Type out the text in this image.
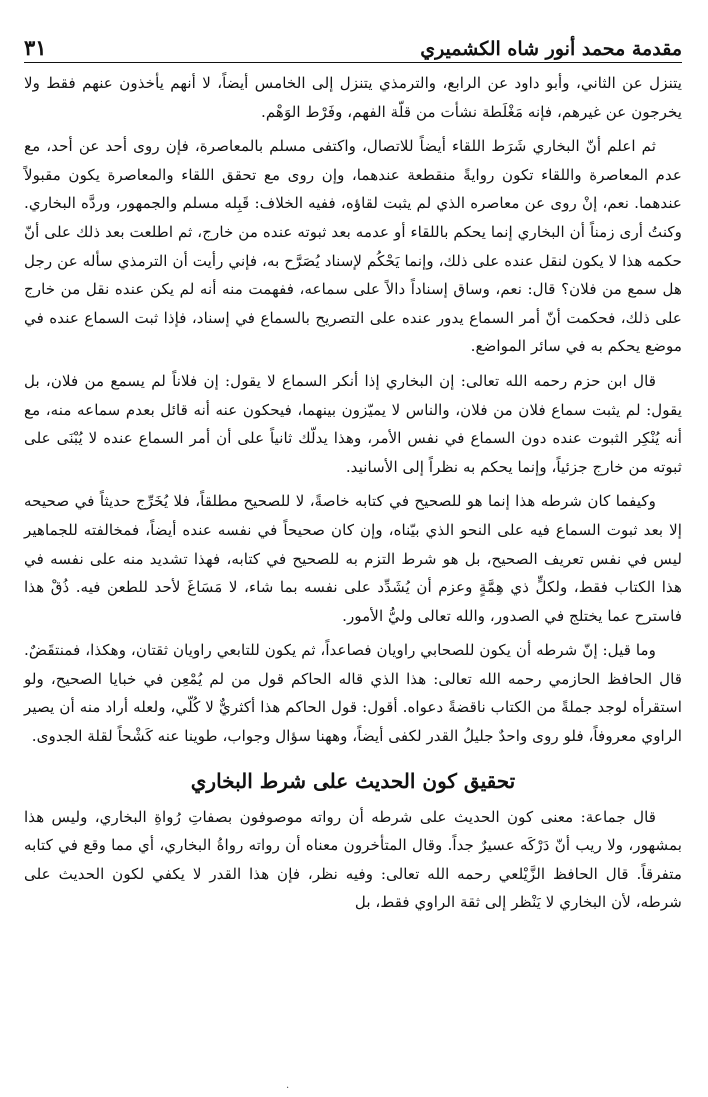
مقدمة محمد أنور شاه الكشميري
٣١

يتنزل عن الثاني، وأبو داود عن الرابع، والترمذي يتنزل إلى الخامس أيضاً، لا أنهم يأخذون عنهم فقط ولا يخرجون عن غيرهم، فإنه مَغْلَطة نشأت من قلّة الفهم، وفَرْط الوَهْم.

ثم اعلم أنّ البخاري شَرَط اللقاء أيضاً للاتصال، واكتفى مسلم بالمعاصرة، فإن روى أحد عن أحد، مع عدم المعاصرة واللقاء تكون روايةً منقطعة عندهما، وإن روى مع تحقق اللقاء والمعاصرة يكون مقبولاً عندهما. نعم، إنْ روى عن معاصره الذي لم يثبت لقاؤه، ففيه الخلاف: قَبِله مسلم والجمهور، وردَّه البخاري. وكنتُ أرى زمناً أن البخاري إنما يحكم باللقاء أو عدمه بعد ثبوته عنده من خارج، ثم اطلعت بعد ذلك على أنّ حكمه هذا لا يكون لنقل عنده على ذلك، وإنما يَحْكُم لإسناد يُصَرَّح به، فإني رأيت أن الترمذي سأله عن رجل هل سمع من فلان؟ قال: نعم، وساق إسناداً دالاً على سماعه، ففهمت منه أنه لم يكن عنده نقل من خارج على ذلك، فحكمت أنّ أمر السماع يدور عنده على التصريح بالسماع في إسناد، فإذا ثبت السماع عنده في موضع يحكم به في سائر المواضع.

قال ابن حزم رحمه الله تعالى: إن البخاري إذا أنكر السماع لا يقول: إن فلاناً لم يسمع من فلان، بل يقول: لم يثبت سماع فلان من فلان، والناس لا يميّزون بينهما، فيحكون عنه أنه قائل بعدم سماعه منه، مع أنه يُنْكِر الثبوت عنده دون السماع في نفس الأمر، وهذا يدلّك ثانياً على أن أمر السماع عنده لا يُبْنَى على ثبوته من خارج جزئياً، وإنما يحكم به نظراً إلى الأسانيد.

وكيفما كان شرطه هذا إنما هو للصحيح في كتابه خاصةً، لا للصحيح مطلقاً، فلا يُخَرِّج حديثاً في صحيحه إلا بعد ثبوت السماع فيه على النحو الذي بيّناه، وإن كان صحيحاً في نفسه عنده أيضاً، فمخالفته للجماهير ليس في نفس تعريف الصحيح، بل هو شرط التزم به للصحيح في كتابه، فهذا تشديد منه على نفسه في هذا الكتاب فقط، ولكلٍّ ذي هِمَّةٍ وعزم أن يُشَدِّد على نفسه بما شاء، لا مَسَاغَ لأحد للطعن فيه. ذُقْ هذا فاسترح عما يختلج في الصدور، والله تعالى وليُّ الأمور.

وما قيل: إنّ شرطه أن يكون للصحابي راويان فصاعداً، ثم يكون للتابعي راويان ثقتان، وهكذا، فمنتقَضٌ. قال الحافظ الحازمي رحمه الله تعالى: هذا الذي قاله الحاكم قول من لم يُمْعِن في خبايا الصحيح، ولو استقرأه لوجد جملةً من الكتاب ناقضةً دعواه. أقول: قول الحاكم هذا أكثريٌّ لا كُلّي، ولعله أراد منه أن يصير الراوي معروفاً، فلو روى واحدٌ جليلُ القدر لكفى أيضاً، وههنا سؤال وجواب، طوينا عنه كَشْحاً لقلة الجدوى.

تحقيق كون الحديث على شرط البخاري

قال جماعة: معنى كون الحديث على شرطه أن رواته موصوفون بصفاتِ رُواةِ البخاري، وليس هذا بمشهور، ولا ريب أنّ دَرْكَه عسيرٌ جداً. وقال المتأخرون معناه أن رواته رواةُ البخاري، أي مما وقع في كتابه متفرقاً. قال الحافظ الزَّيْلعي رحمه الله تعالى: وفيه نظر، فإن هذا القدر لا يكفي لكون الحديث على شرطه، لأن البخاري لا يَنْظر إلى ثقة الراوي فقط، بل

.
